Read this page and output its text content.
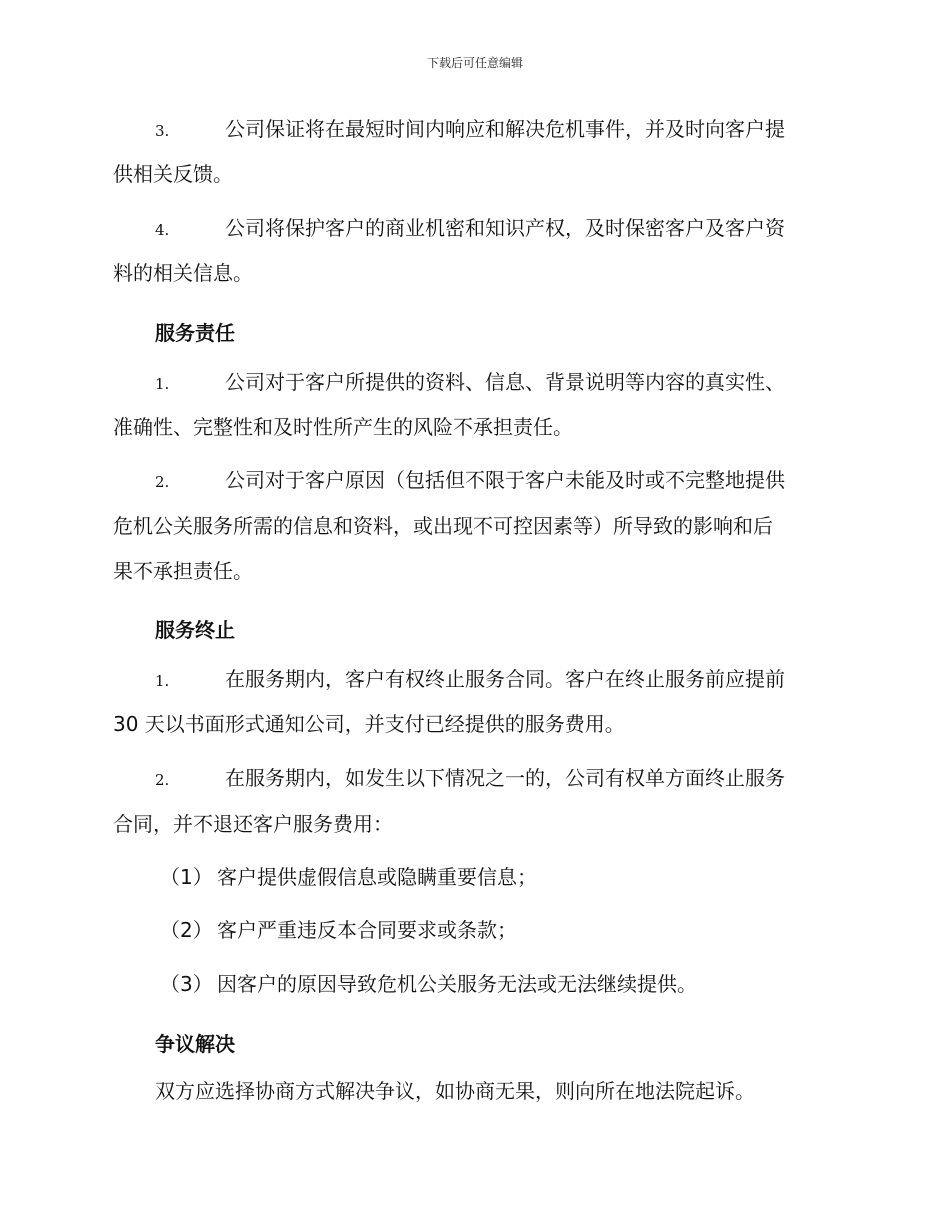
下载后可任意编辑
3.	公司保证将在最短时间内响应和解决危机事件，并及时向客户提
供相关反馈。
4.	公司将保护客户的商业机密和知识产权，及时保密客户及客户资
料的相关信息。
服务责任
1.	公司对于客户所提供的资料、信息、背景说明等内容的真实性、
准确性、完整性和及时性所产生的风险不承担责任。
2.	公司对于客户原因（包括但不限于客户未能及时或不完整地提供
危机公关服务所需的信息和资料，或出现不可控因素等）所导致的影响和后
果不承担责任。
服务终止
1.	在服务期内，客户有权终止服务合同。客户在终止服务前应提前
30 天以书面形式通知公司，并支付已经提供的服务费用。
2.	在服务期内，如发生以下情况之一的，公司有权单方面终止服务
合同，并不退还客户服务费用：
（1） 客户提供虚假信息或隐瞒重要信息；
（2） 客户严重违反本合同要求或条款；
（3） 因客户的原因导致危机公关服务无法或无法继续提供。
争议解决
双方应选择协商方式解决争议，如协商无果，则向所在地法院起诉。
